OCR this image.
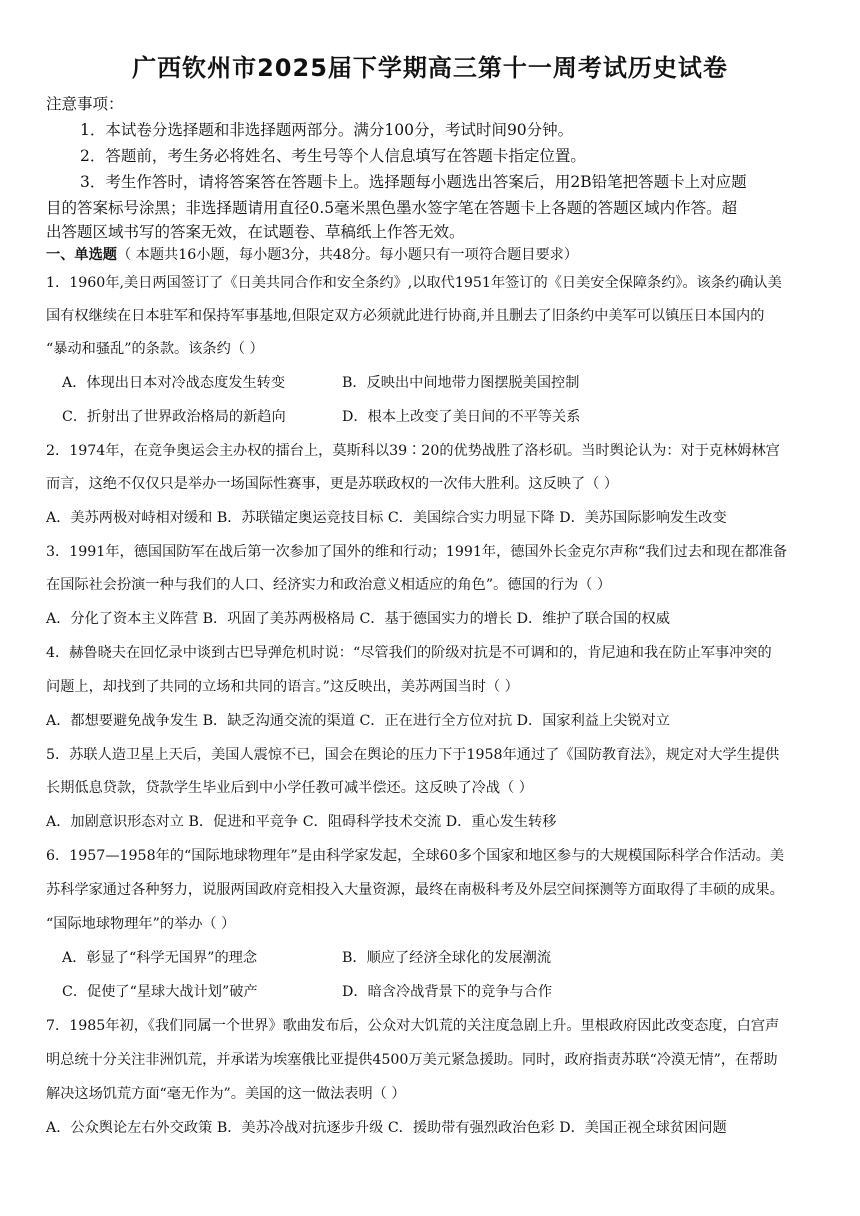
广西钦州市2025届下学期高三第十一周考试历史试卷
注意事项：
1．本试卷分选择题和非选择题两部分。满分100分，考试时间90分钟。
2．答题前，考生务必将姓名、考生号等个人信息填写在答题卡指定位置。
3．考生作答时，请将答案答在答题卡上。选择题每小题选出答案后，用2B铅笔把答题卡上对应题
目的答案标号涂黑；非选择题请用直径0.5毫米黑色墨水签字笔在答题卡上各题的答题区域内作答。超
出答题区域书写的答案无效，在试题卷、草稿纸上作答无效。
一、单选题（ 本题共16小题，每小题3分，共48分。每小题只有一项符合题目要求）
1．1960年,美日两国签订了《日美共同合作和安全条约》,以取代1951年签订的《日美安全保障条约》。该条约确认美
国有权继续在日本驻军和保持军事基地,但限定双方必须就此进行协商,并且删去了旧条约中美军可以镇压日本国内的
“暴动和骚乱”的条款。该条约（ ）
A．体现出日本对冷战态度发生转变	B．反映出中间地带力图摆脱美国控制
C．折射出了世界政治格局的新趋向	D．根本上改变了美日间的不平等关系
2．1974年，在竞争奥运会主办权的擂台上，莫斯科以39∶20的优势战胜了洛杉矶。当时舆论认为：对于克林姆林宫
而言，这绝不仅仅只是举办一场国际性赛事，更是苏联政权的一次伟大胜利。这反映了（ ）
A．美苏两极对峙相对缓和 B．苏联锚定奥运竞技目标 C．美国综合实力明显下降 D．美苏国际影响发生改变
3．1991年，德国国防军在战后第一次参加了国外的维和行动；1991年，德国外长金克尔声称“我们过去和现在都准备
在国际社会扮演一种与我们的人口、经济实力和政治意义相适应的角色”。德国的行为（ ）
A．分化了资本主义阵营 B．巩固了美苏两极格局 C．基于德国实力的增长 D．维护了联合国的权威
4．赫鲁晓夫在回忆录中谈到古巴导弹危机时说：“尽管我们的阶级对抗是不可调和的，肯尼迪和我在防止军事冲突的
问题上，却找到了共同的立场和共同的语言。”这反映出，美苏两国当时（ ）
A．都想要避免战争发生 B．缺乏沟通交流的渠道 C．正在进行全方位对抗 D．国家利益上尖锐对立
5．苏联人造卫星上天后，美国人震惊不已，国会在舆论的压力下于1958年通过了《国防教育法》，规定对大学生提供
长期低息贷款，贷款学生毕业后到中小学任教可减半偿还。这反映了冷战（ ）
A．加剧意识形态对立 B．促进和平竞争 C．阻碍科学技术交流 D．重心发生转移
6．1957—1958年的“国际地球物理年”是由科学家发起，全球60多个国家和地区参与的大规模国际科学合作活动。美
苏科学家通过各种努力，说服两国政府竞相投入大量资源，最终在南极科考及外层空间探测等方面取得了丰硕的成果。
“国际地球物理年”的举办（ ）
A．彰显了“科学无国界”的理念	B．顺应了经济全球化的发展潮流
C．促使了“星球大战计划”破产	D．暗含冷战背景下的竞争与合作
7．1985年初，《我们同属一个世界》歌曲发布后，公众对大饥荒的关注度急剧上升。里根政府因此改变态度，白宫声
明总统十分关注非洲饥荒，并承诺为埃塞俄比亚提供4500万美元紧急援助。同时，政府指责苏联“冷漠无情”，在帮助
解决这场饥荒方面“毫无作为”。美国的这一做法表明（ ）
A．公众舆论左右外交政策 B．美苏冷战对抗逐步升级 C．援助带有强烈政治色彩 D．美国正视全球贫困问题
